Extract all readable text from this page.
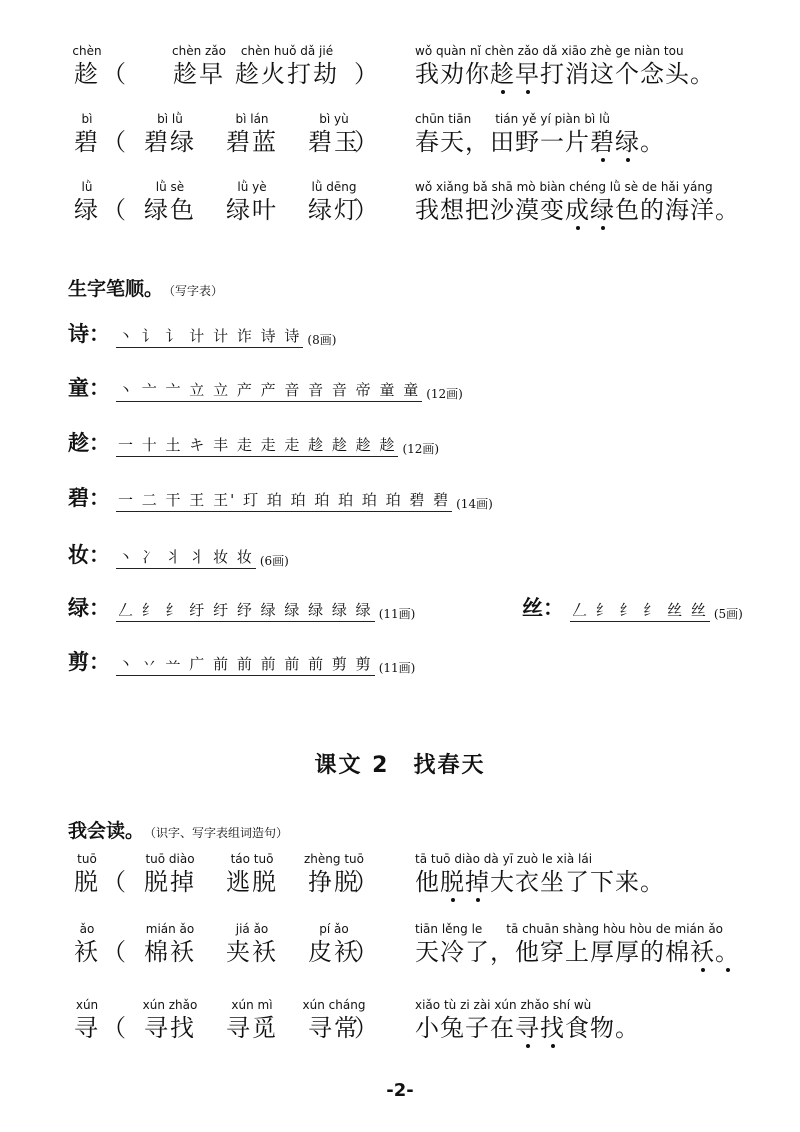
chèn
趁 （
chèn zǎo
趁早
chèn huǒ dǎ jié
趁火打劫 ）
wǒ quàn nǐ chèn zǎo dǎ xiāo zhè ge niàn tou
我劝你趁早打消这个念头。
bì
碧 （
bì lǜ
碧绿
bì lán
碧蓝
bì yù
碧玉
）
chūn tiān　　tián yě yí piàn bì lǜ
春天，田野一片碧绿。
lǜ
绿 （
lǜ sè
绿色
lǜ yè
绿叶
lǜ dēng
绿灯
）
wǒ xiǎng bǎ shā mò biàn chéng lǜ sè de hǎi yáng
我想把沙漠变成绿色的海洋。
生字笔顺。 （写字表）
诗： 丶 讠 讠 计 计 诈 诗 诗 (8画)
童： 丶 亠 亠 立 立 产 产 音 音 音 帝 童 童 (12画)
趁： 一 十 土 キ 丰 走 走 走 趁 趁 趁 趁 (12画)
碧： 一 二 干 王 王' 玎 珀 珀 珀 珀 珀 珀 碧 碧 (14画)
妆： 丶 冫 丬 丬 妆 妆 (6画)
绿： 𠃋 纟 纟 纡 纡 纾 绿 绿 绿 绿 绿 (11画)	丝： 𠃋 纟 纟 纟 丝 丝 (5画)
剪： 丶 丷 䒑 广 前 前 前 前 前 剪 剪 (11画)
课文 2　找春天
我会读。 （识字、写字表组词造句）
tuō
脱 （
tuō diào
脱掉
táo tuō
逃脱
zhèng tuō
挣脱
）
tā tuō diào dà yī zuò le xià lái
他脱掉大衣坐了下来。
ǎo
袄 （
mián ǎo
棉袄
jiá ǎo
夹袄
pí ǎo
皮袄
）
tiān lěng le　　tā chuān shàng hòu hòu de mián ǎo
天冷了，他穿上厚厚的棉袄。
xún
寻 （
xún zhǎo
寻找
xún mì
寻觅
xún cháng
寻常
）
xiǎo tù zi zài xún zhǎo shí wù
小兔子在寻找食物。
-2-
